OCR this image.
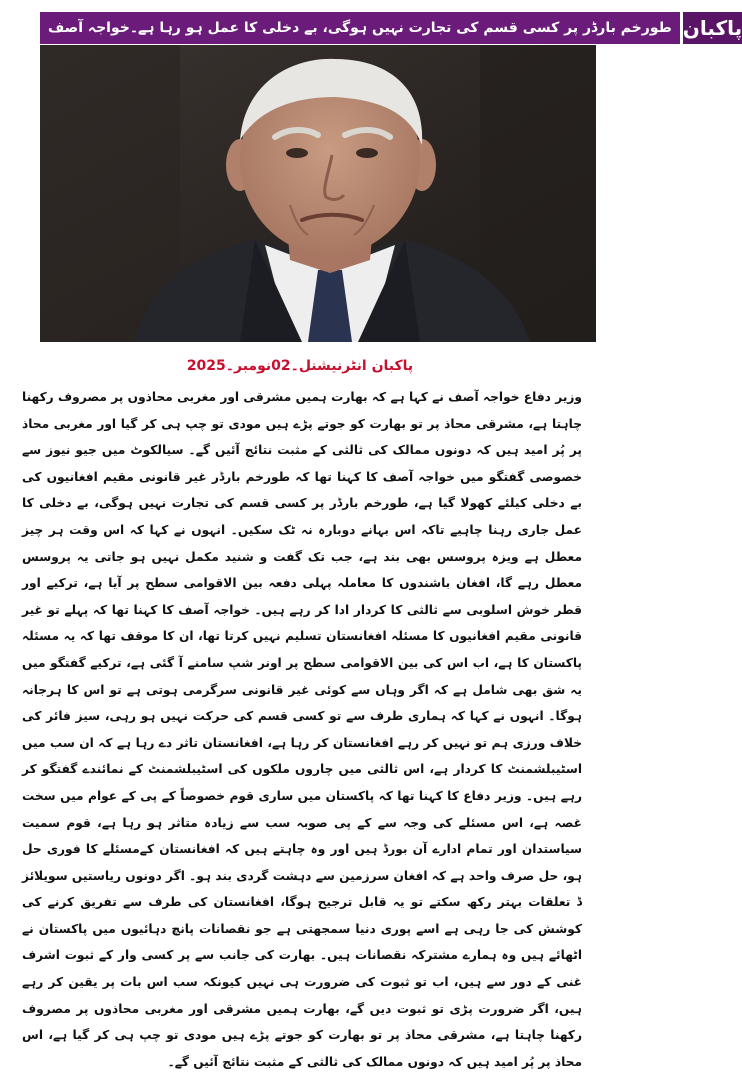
طورخم بارڈر پر کسی قسم کی تجارت نہیں ہوگی، بے دخلی کا عمل ہو رہا ہے۔خواجہ آصف پاکبان
پاکبان انٹرنیشنل۔02نومبر۔2025

وزیر دفاع خواجہ آصف نے کہا ہے کہ بھارت ہمیں مشرقی اور مغربی محاذوں پر مصروف رکھنا چاہتا ہے، مشرقی محاذ پر تو بھارت کو جوتے پڑے ہیں مودی تو چپ ہی کر گیا اور مغربی محاذ پر پُر امید ہیں کہ دونوں ممالک کی ثالثی کے مثبت نتائج آئیں گے۔ سیالکوٹ میں جیو نیوز سے خصوصی گفتگو میں خواجہ آصف کا کہنا تھا کہ طورخم بارڈر غیر قانونی مقیم افغانیوں کی بے دخلی کیلئے کھولا گیا ہے، طورخم بارڈر پر کسی قسم کی تجارت نہیں ہوگی، بے دخلی کا عمل جاری رہنا چاہیے تاکہ اس بہانے دوبارہ نہ ٹک سکیں۔ انہوں نے کہا کہ اس وقت ہر چیز معطل ہے ویزہ پروسس بھی بند ہے، جب تک گفت و شنید مکمل نہیں ہو جاتی یہ پروسس معطل رہے گا، افغان باشندوں کا معاملہ پہلی دفعہ بین الاقوامی سطح پر آیا ہے، ترکیے اور قطر خوش اسلوبی سے ثالثی کا کردار ادا کر رہے ہیں۔ خواجہ آصف کا کہنا تھا کہ پہلے تو غیر قانونی مقیم افغانیوں کا مسئلہ افغانستان تسلیم نہیں کرتا تھا، ان کا موقف تھا کہ یہ مسئلہ پاکستان کا ہے، اب اس کی بین الاقوامی سطح پر اونر شپ سامنے آ گئی ہے، ترکیے گفتگو میں یہ شق بھی شامل ہے کہ اگر وہاں سے کوئی غیر قانونی سرگرمی ہوتی ہے تو اس کا ہرجانہ ہوگا۔ انہوں نے کہا کہ ہماری طرف سے تو کسی قسم کی حرکت نہیں ہو رہی، سیز فائر کی خلاف ورزی ہم تو نہیں کر رہے افغانستان کر رہا ہے، افغانستان تاثر دے رہا ہے کہ ان سب میں اسٹیبلشمنٹ کا کردار ہے، اس ثالثی میں چاروں ملکوں کی اسٹیبلشمنٹ کے نمائندے گفتگو کر رہے ہیں۔ وزیر دفاع کا کہنا تھا کہ پاکستان میں ساری قوم خصوصاً کے پی کے عوام میں سخت غصہ ہے، اس مسئلے کی وجہ سے کے پی صوبہ سب سے زیادہ متاثر ہو رہا ہے، قوم سمیت سیاستدان اور تمام ادارے آن بورڈ ہیں اور وہ چاہتے ہیں کہ افغانستان کےمسئلے کا فوری حل ہو، حل صرف واحد ہے کہ افغان سرزمین سے دہشت گردی بند ہو۔ اگر دونوں ریاستیں سویلائز ڈ تعلقات بہتر رکھ سکتے تو یہ قابل ترجیح ہوگا، افغانستان کی طرف سے تفریق کرنے کی کوشش کی جا رہی ہے اسے پوری دنیا سمجھتی ہے جو نقصانات پانچ دہائیوں میں پاکستان نے اٹھائے ہیں وہ ہمارے مشترکہ نقصانات ہیں۔ بھارت کی جانب سے پر کسی وار کے ثبوت اشرف غنی کے دور سے ہیں، اب تو ثبوت کی ضرورت ہی نہیں کیونکہ سب اس بات پر یقین کر رہے ہیں، اگر ضرورت پڑی تو ثبوت دیں گے، بھارت ہمیں مشرقی اور مغربی محاذوں پر مصروف رکھنا چاہتا ہے، مشرقی محاذ پر تو بھارت کو جوتے پڑے ہیں مودی تو چپ ہی کر گیا ہے، اس محاذ پر پُر امید ہیں کہ دونوں ممالک کی ثالثی کے مثبت نتائج آئیں گے۔
